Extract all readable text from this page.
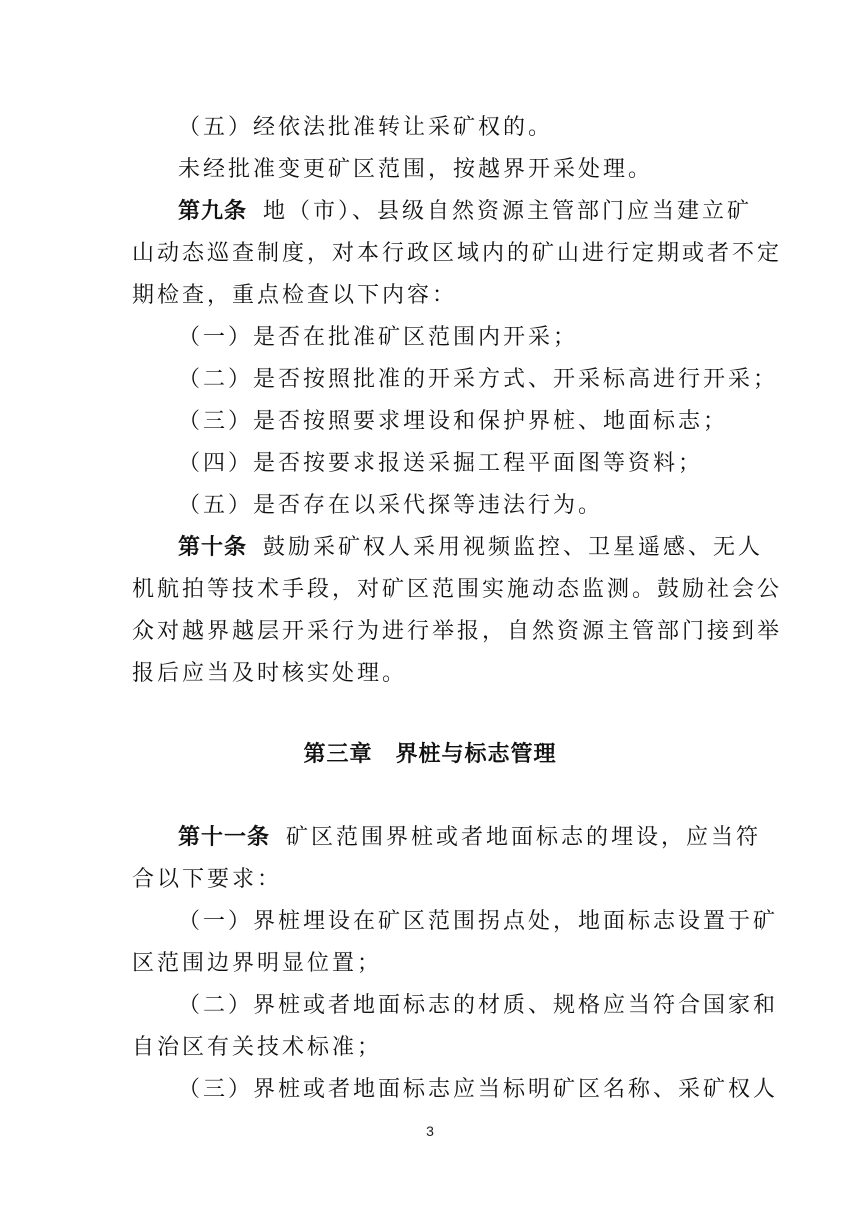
（五）经依法批准转让采矿权的。
未经批准变更矿区范围，按越界开采处理。
第九条 地（市）、县级自然资源主管部门应当建立矿
山动态巡查制度，对本行政区域内的矿山进行定期或者不定
期检查，重点检查以下内容：
（一）是否在批准矿区范围内开采；
（二）是否按照批准的开采方式、开采标高进行开采；
（三）是否按照要求埋设和保护界桩、地面标志；
（四）是否按要求报送采掘工程平面图等资料；
（五）是否存在以采代探等违法行为。
第十条 鼓励采矿权人采用视频监控、卫星遥感、无人
机航拍等技术手段，对矿区范围实施动态监测。鼓励社会公
众对越界越层开采行为进行举报，自然资源主管部门接到举
报后应当及时核实处理。
第三章　界桩与标志管理
第十一条 矿区范围界桩或者地面标志的埋设，应当符
合以下要求：
（一）界桩埋设在矿区范围拐点处，地面标志设置于矿
区范围边界明显位置；
（二）界桩或者地面标志的材质、规格应当符合国家和
自治区有关技术标准；
（三）界桩或者地面标志应当标明矿区名称、采矿权人
3
